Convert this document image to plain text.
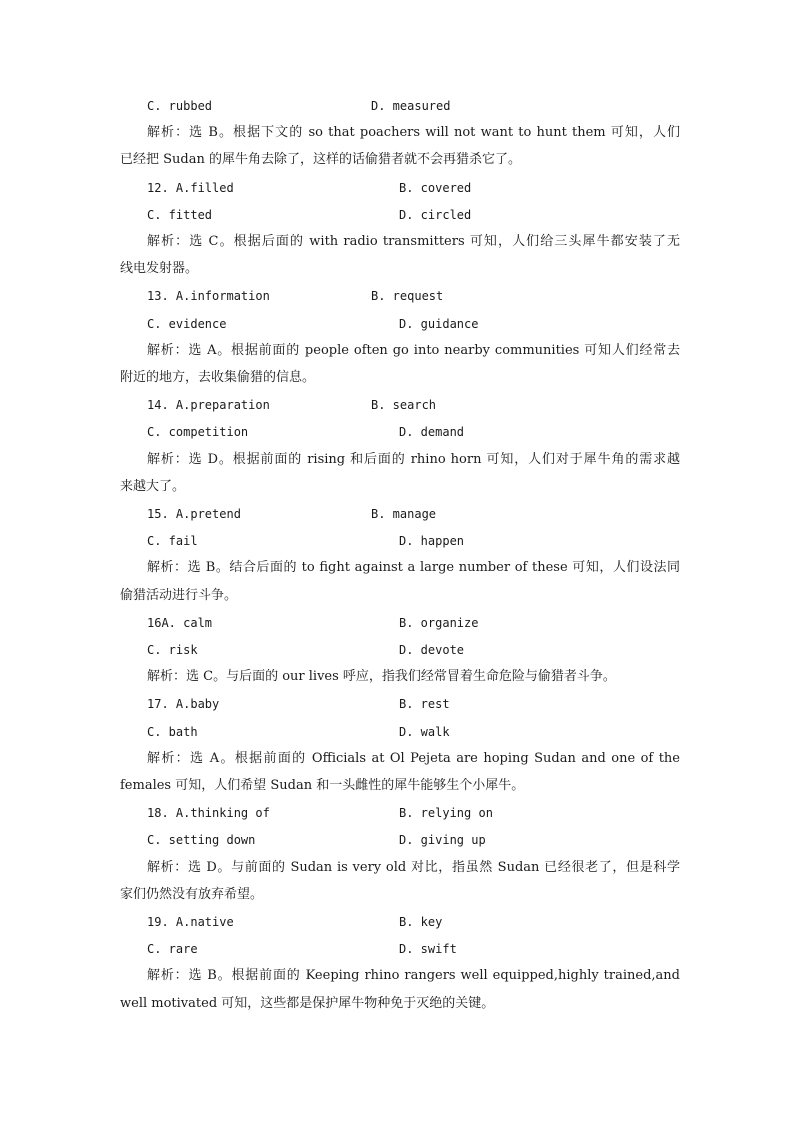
C. rubbed	D. measured
解析：选 B。根据下文的 so that poachers will not want to hunt them 可知，人们
已经把 Sudan 的犀牛角去除了，这样的话偷猎者就不会再猎杀它了。
12. A.filled	B. covered
C. fitted	D. circled
解析：选 C。根据后面的 with radio transmitters 可知，人们给三头犀牛都安装了无
线电发射器。
13. A.information	B. request
C. evidence	D. guidance
解析：选 A。根据前面的 people often go into nearby communities 可知人们经常去
附近的地方，去收集偷猎的信息。
14. A.preparation	B. search
C. competition	D. demand
解析：选 D。根据前面的 rising 和后面的 rhino horn 可知，人们对于犀牛角的需求越
来越大了。
15. A.pretend	B. manage
C. fail	D. happen
解析：选 B。结合后面的 to fight against a large number of these 可知，人们设法同
偷猎活动进行斗争。
16A. calm	B. organize
C. risk	D. devote
解析：选 C。与后面的 our lives 呼应，指我们经常冒着生命危险与偷猎者斗争。
17. A.baby	B. rest
C. bath	D. walk
解析：选 A。根据前面的 Officials at Ol Pejeta are hoping Sudan and one of the
females 可知，人们希望 Sudan 和一头雌性的犀牛能够生个小犀牛。
18. A.thinking of	B. relying on
C. setting down	D. giving up
解析：选 D。与前面的 Sudan is very old 对比，指虽然 Sudan 已经很老了，但是科学
家们仍然没有放弃希望。
19. A.native	B. key
C. rare	D. swift
解析：选 B。根据前面的 Keeping rhino rangers well equipped,highly trained,and
well motivated 可知，这些都是保护犀牛物种免于灭绝的关键。
